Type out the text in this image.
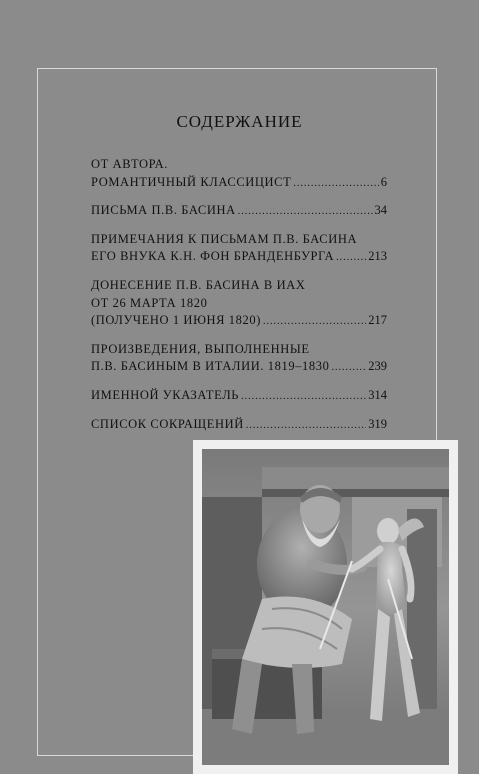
СОДЕРЖАНИЕ
ОТ АВТОРА.
РОМАНТИЧНЫЙ КЛАССИЦИСТ .....	6
ПИСЬМА П.В. БАСИНА .....	34
ПРИМЕЧАНИЯ К ПИСЬМАМ П.В. БАСИНА
ЕГО ВНУКА К.Н. ФОН БРАНДЕНБУРГА .....	213
ДОНЕСЕНИЕ П.В. БАСИНА В ИАХ
ОТ 26 МАРТА 1820
(ПОЛУЧЕНО 1 ИЮНЯ 1820) .....	217
ПРОИЗВЕДЕНИЯ, ВЫПОЛНЕННЫЕ
П.В. БАСИНЫМ В ИТАЛИИ. 1819–1830 .....	239
ИМЕННОЙ УКАЗАТЕЛЬ .....	314
СПИСОК СОКРАЩЕНИЙ .....	319
